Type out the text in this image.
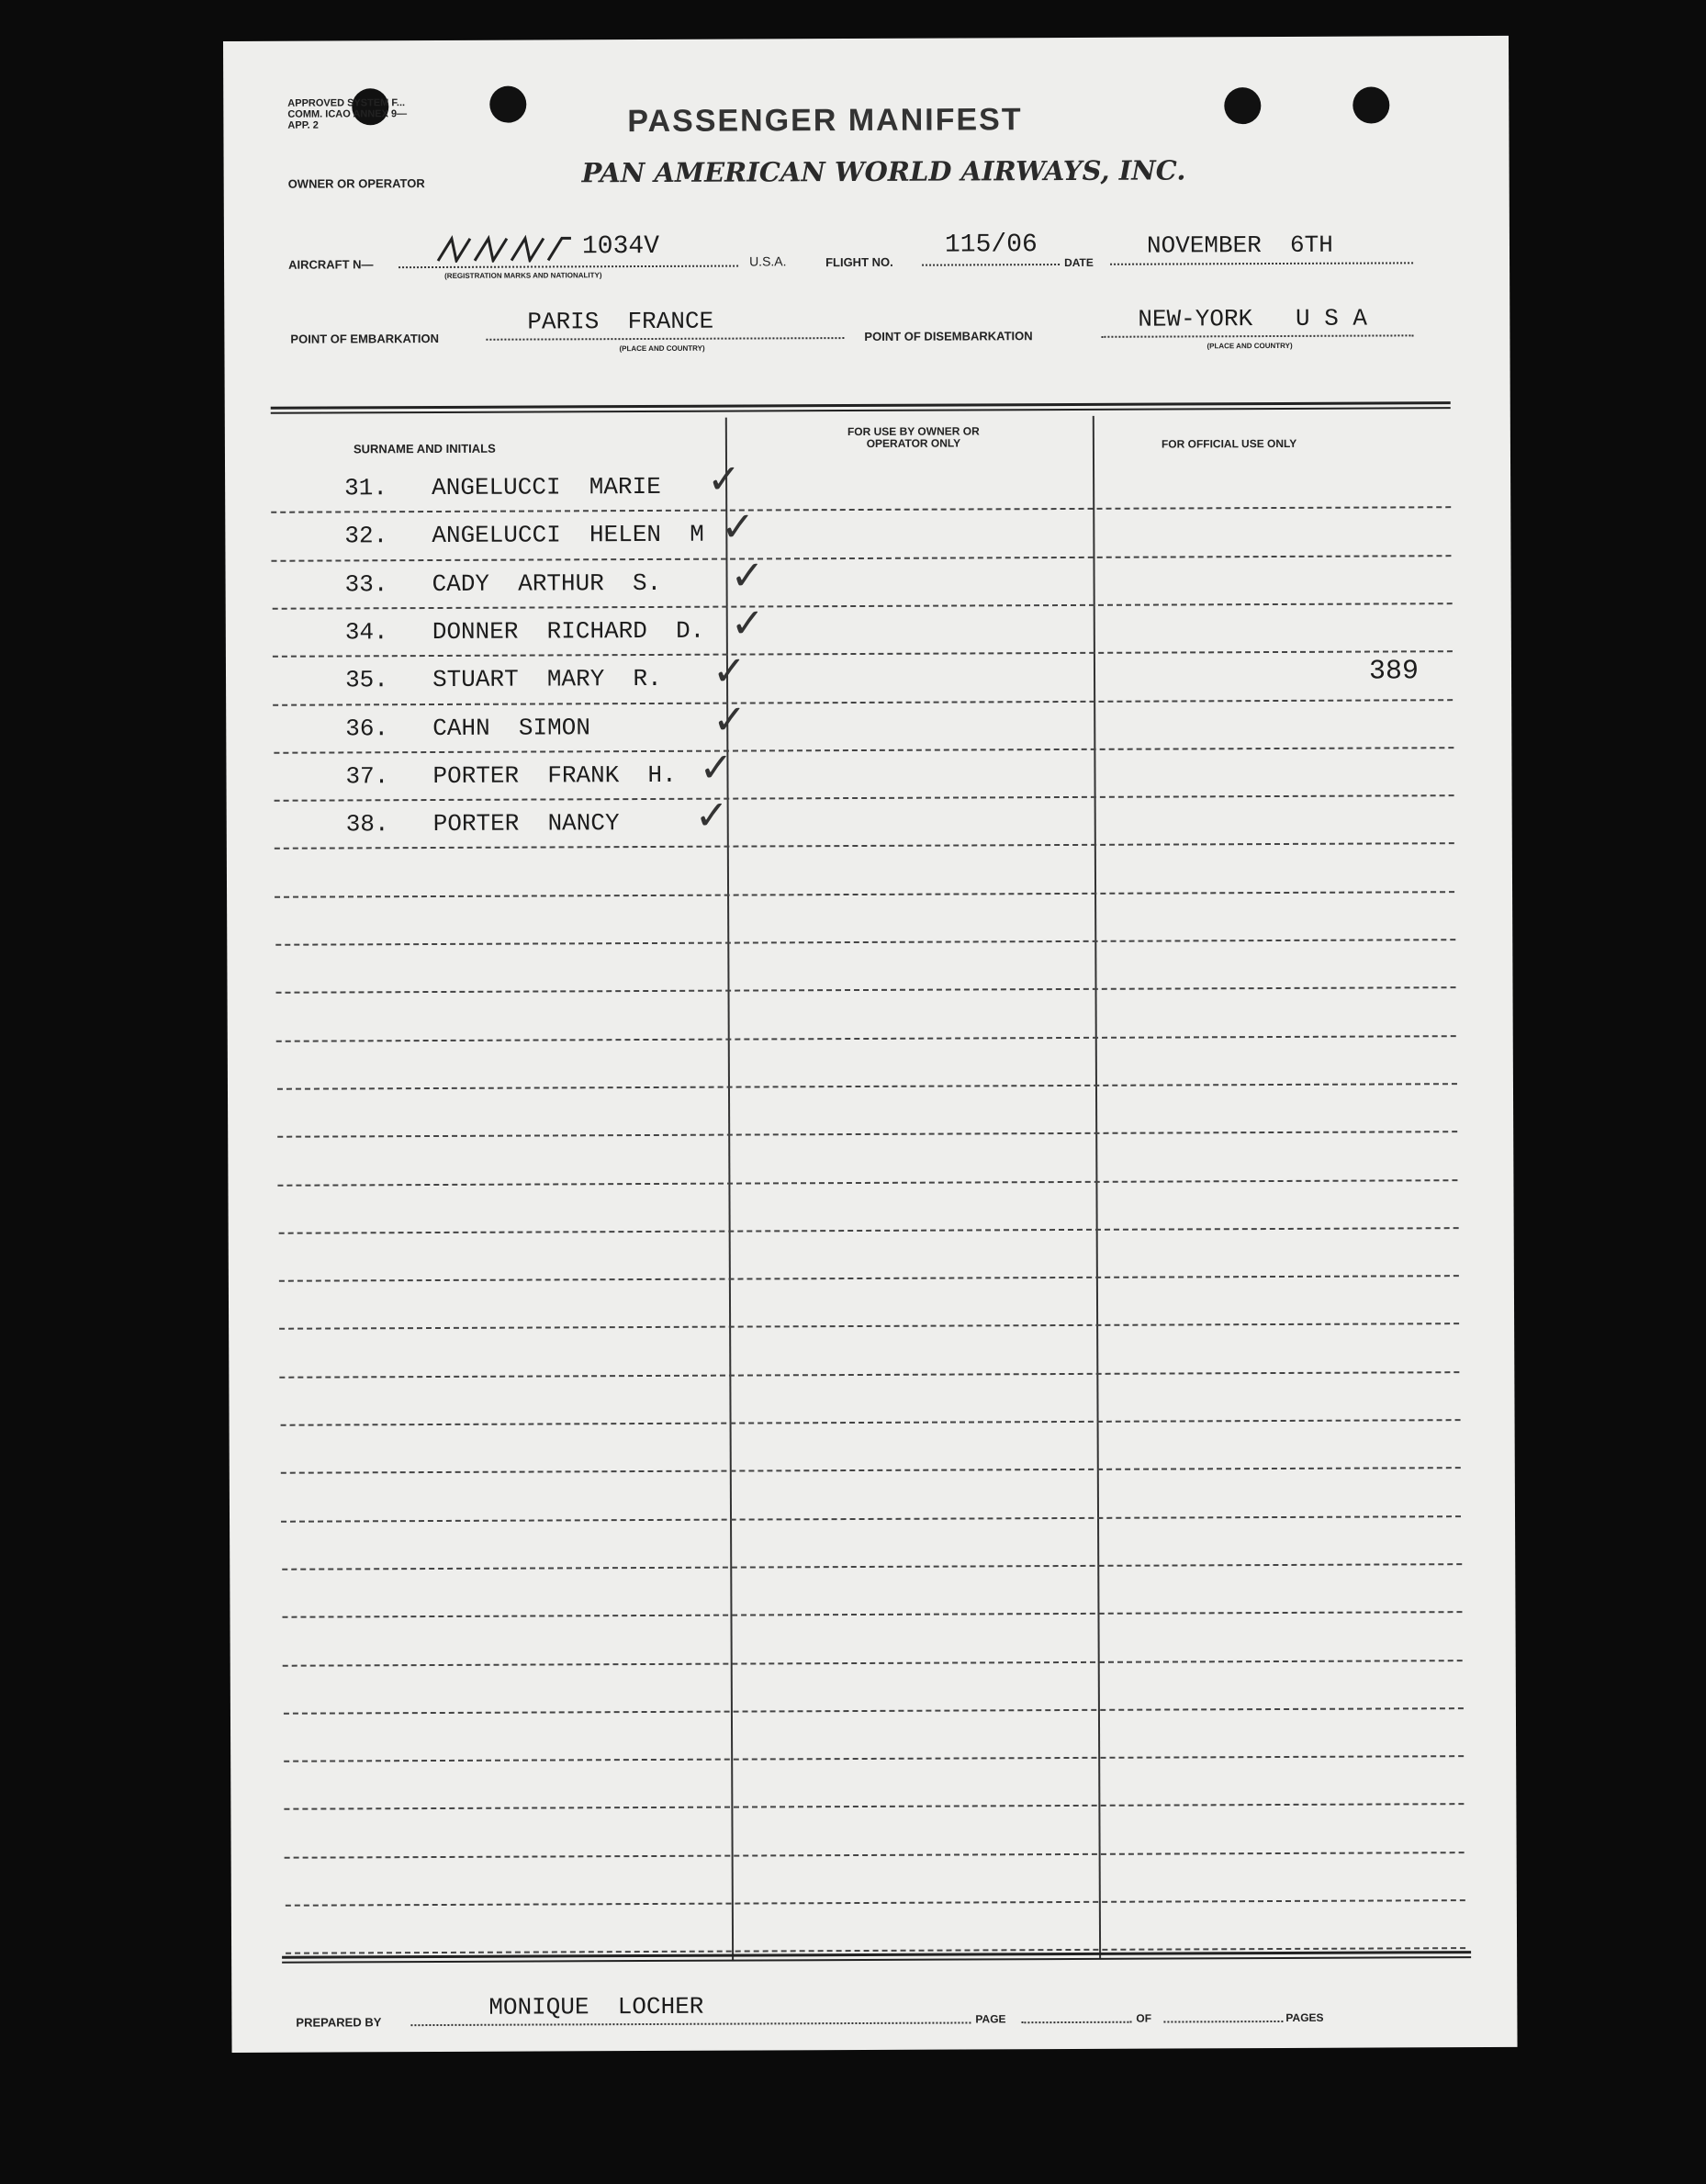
APPROVED SYSTEM F... COMM. ICAO ANNEX 9—APP. 2	PASSENGER MANIFEST
OWNER OR OPERATOR	PAN AMERICAN WORLD AIRWAYS, INC.
AIRCRAFT N—
1034V
(REGISTRATION MARKS AND NATIONALITY)
U.S.A.	FLIGHT NO.
115/06
DATE
NOVEMBER  6TH
POINT OF EMBARKATION
PARIS  FRANCE
(PLACE AND COUNTRY)
POINT OF DISEMBARKATION
NEW-YORK   U S A
(PLACE AND COUNTRY)
SURNAME AND INITIALS
FOR USE BY OWNER OR OPERATOR ONLY	FOR OFFICIAL USE ONLY
31. ANGELUCCI  MARIE ✓
32. ANGELUCCI  HELEN  M ✓
33. CADY  ARTHUR  S. ✓
34. DONNER  RICHARD  D. ✓
35. STUART  MARY  R. ✓	389
36. CAHN  SIMON	✓
37. PORTER  FRANK  H. ✓
38. PORTER  NANCY ✓
PREPARED BY
MONIQUE  LOCHER	PAGE	OF	PAGES
